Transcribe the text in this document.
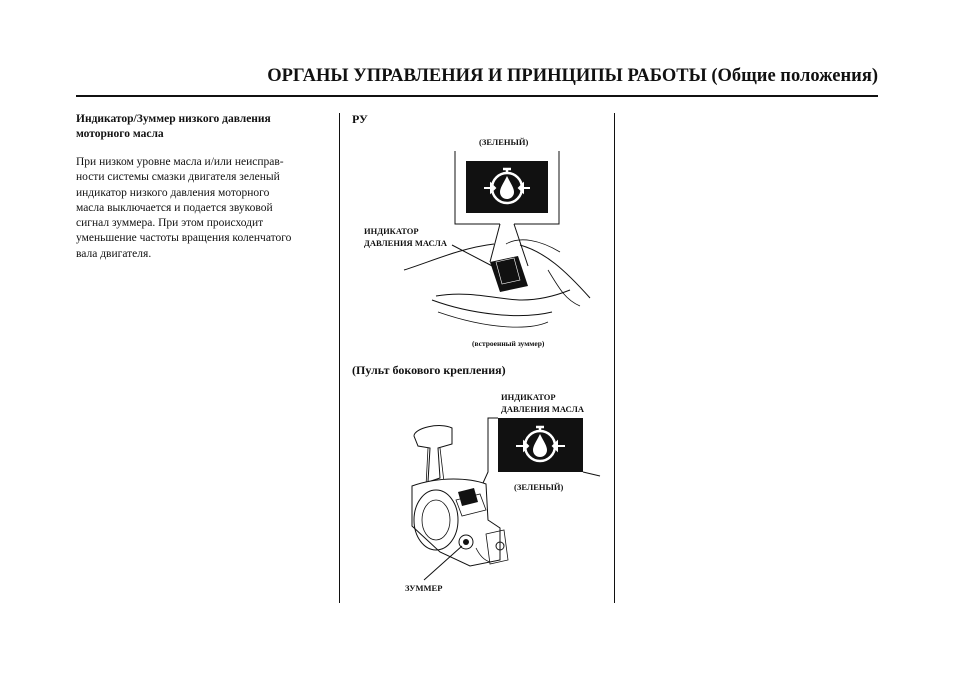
ОРГАНЫ УПРАВЛЕНИЯ И ПРИНЦИПЫ РАБОТЫ (Общие положения)
Индикатор/Зуммер низкого давления
моторного масла
При низком уровне масла и/или неисправ-
ности системы смазки двигателя зеленый
индикатор низкого давления моторного
масла выключается и подается звуковой
сигнал зуммера. При этом происходит
уменьшение частоты вращения коленчатого
вала двигателя.
РУ
(ЗЕЛЕНЫЙ)
ИНДИКАТОР
ДАВЛЕНИЯ МАСЛА
(встроенный зуммер)
(Пульт бокового крепления)
ИНДИКАТОР
ДАВЛЕНИЯ МАСЛА
(ЗЕЛЕНЫЙ)
ЗУММЕР
